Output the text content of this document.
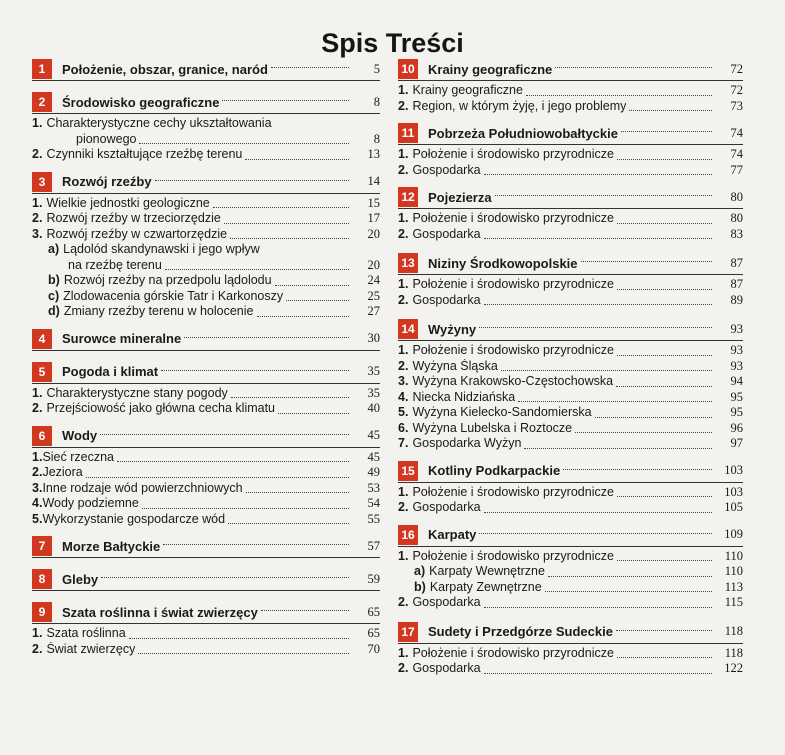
Spis Treści
1	Położenie, obszar, granice, naród	5
2	Środowisko geograficzne	8
1. Charakterystyczne cechy ukształtowania
pionowego	8
2. Czynniki kształtujące rzeźbę terenu	13
3	Rozwój rzeźby	14
1. Wielkie jednostki geologiczne	15
2. Rozwój rzeźby w trzeciorzędzie	17
3. Rozwój rzeźby w czwartorzędzie	20
a) Lądolód skandynawski i jego wpływ
na rzeźbę terenu	20
b) Rozwój rzeźby na przedpolu lądolodu	24
c) Zlodowacenia górskie Tatr i Karkonoszy	25
d) Zmiany rzeźby terenu w holocenie	27
4	Surowce mineralne	30
5	Pogoda i klimat	35
1. Charakterystyczne stany pogody	35
2. Przejściowość jako główna cecha klimatu	40
6	Wody	45
1.Sieć rzeczna	45
2.Jeziora	49
3.Inne rodzaje wód powierzchniowych	53
4.Wody podziemne	54
5.Wykorzystanie gospodarcze wód	55
7	Morze Bałtyckie	57
8	Gleby	59
9	Szata roślinna i świat zwierzęcy	65
1. Szata roślinna	65
2. Świat zwierzęcy	70
10 Krainy geograficzne	72
1. Krainy geograficzne	72
2. Region, w którym żyję, i jego problemy	73
11 Pobrzeża Południowobałtyckie	74
1. Położenie i środowisko przyrodnicze	74
2. Gospodarka	77
12 Pojezierza	80
1. Położenie i środowisko przyrodnicze	80
2. Gospodarka	83
13 Niziny Środkowopolskie	87
1. Położenie i środowisko przyrodnicze	87
2. Gospodarka	89
14 Wyżyny	93
1. Położenie i środowisko przyrodnicze	93
2. Wyżyna Śląska	93
3. Wyżyna Krakowsko-Częstochowska	94
4. Niecka Nidziańska	95
5. Wyżyna Kielecko-Sandomierska	95
6. Wyżyna Lubelska i Roztocze	96
7. Gospodarka Wyżyn	97
15 Kotliny Podkarpackie	103
1. Położenie i środowisko przyrodnicze	103
2. Gospodarka	105
16 Karpaty	109
1. Położenie i środowisko przyrodnicze	110
a) Karpaty Wewnętrzne	110
b) Karpaty Zewnętrzne	113
2. Gospodarka	115
17 Sudety i Przedgórze Sudeckie	118
1. Położenie i środowisko przyrodnicze	118
2. Gospodarka	122
